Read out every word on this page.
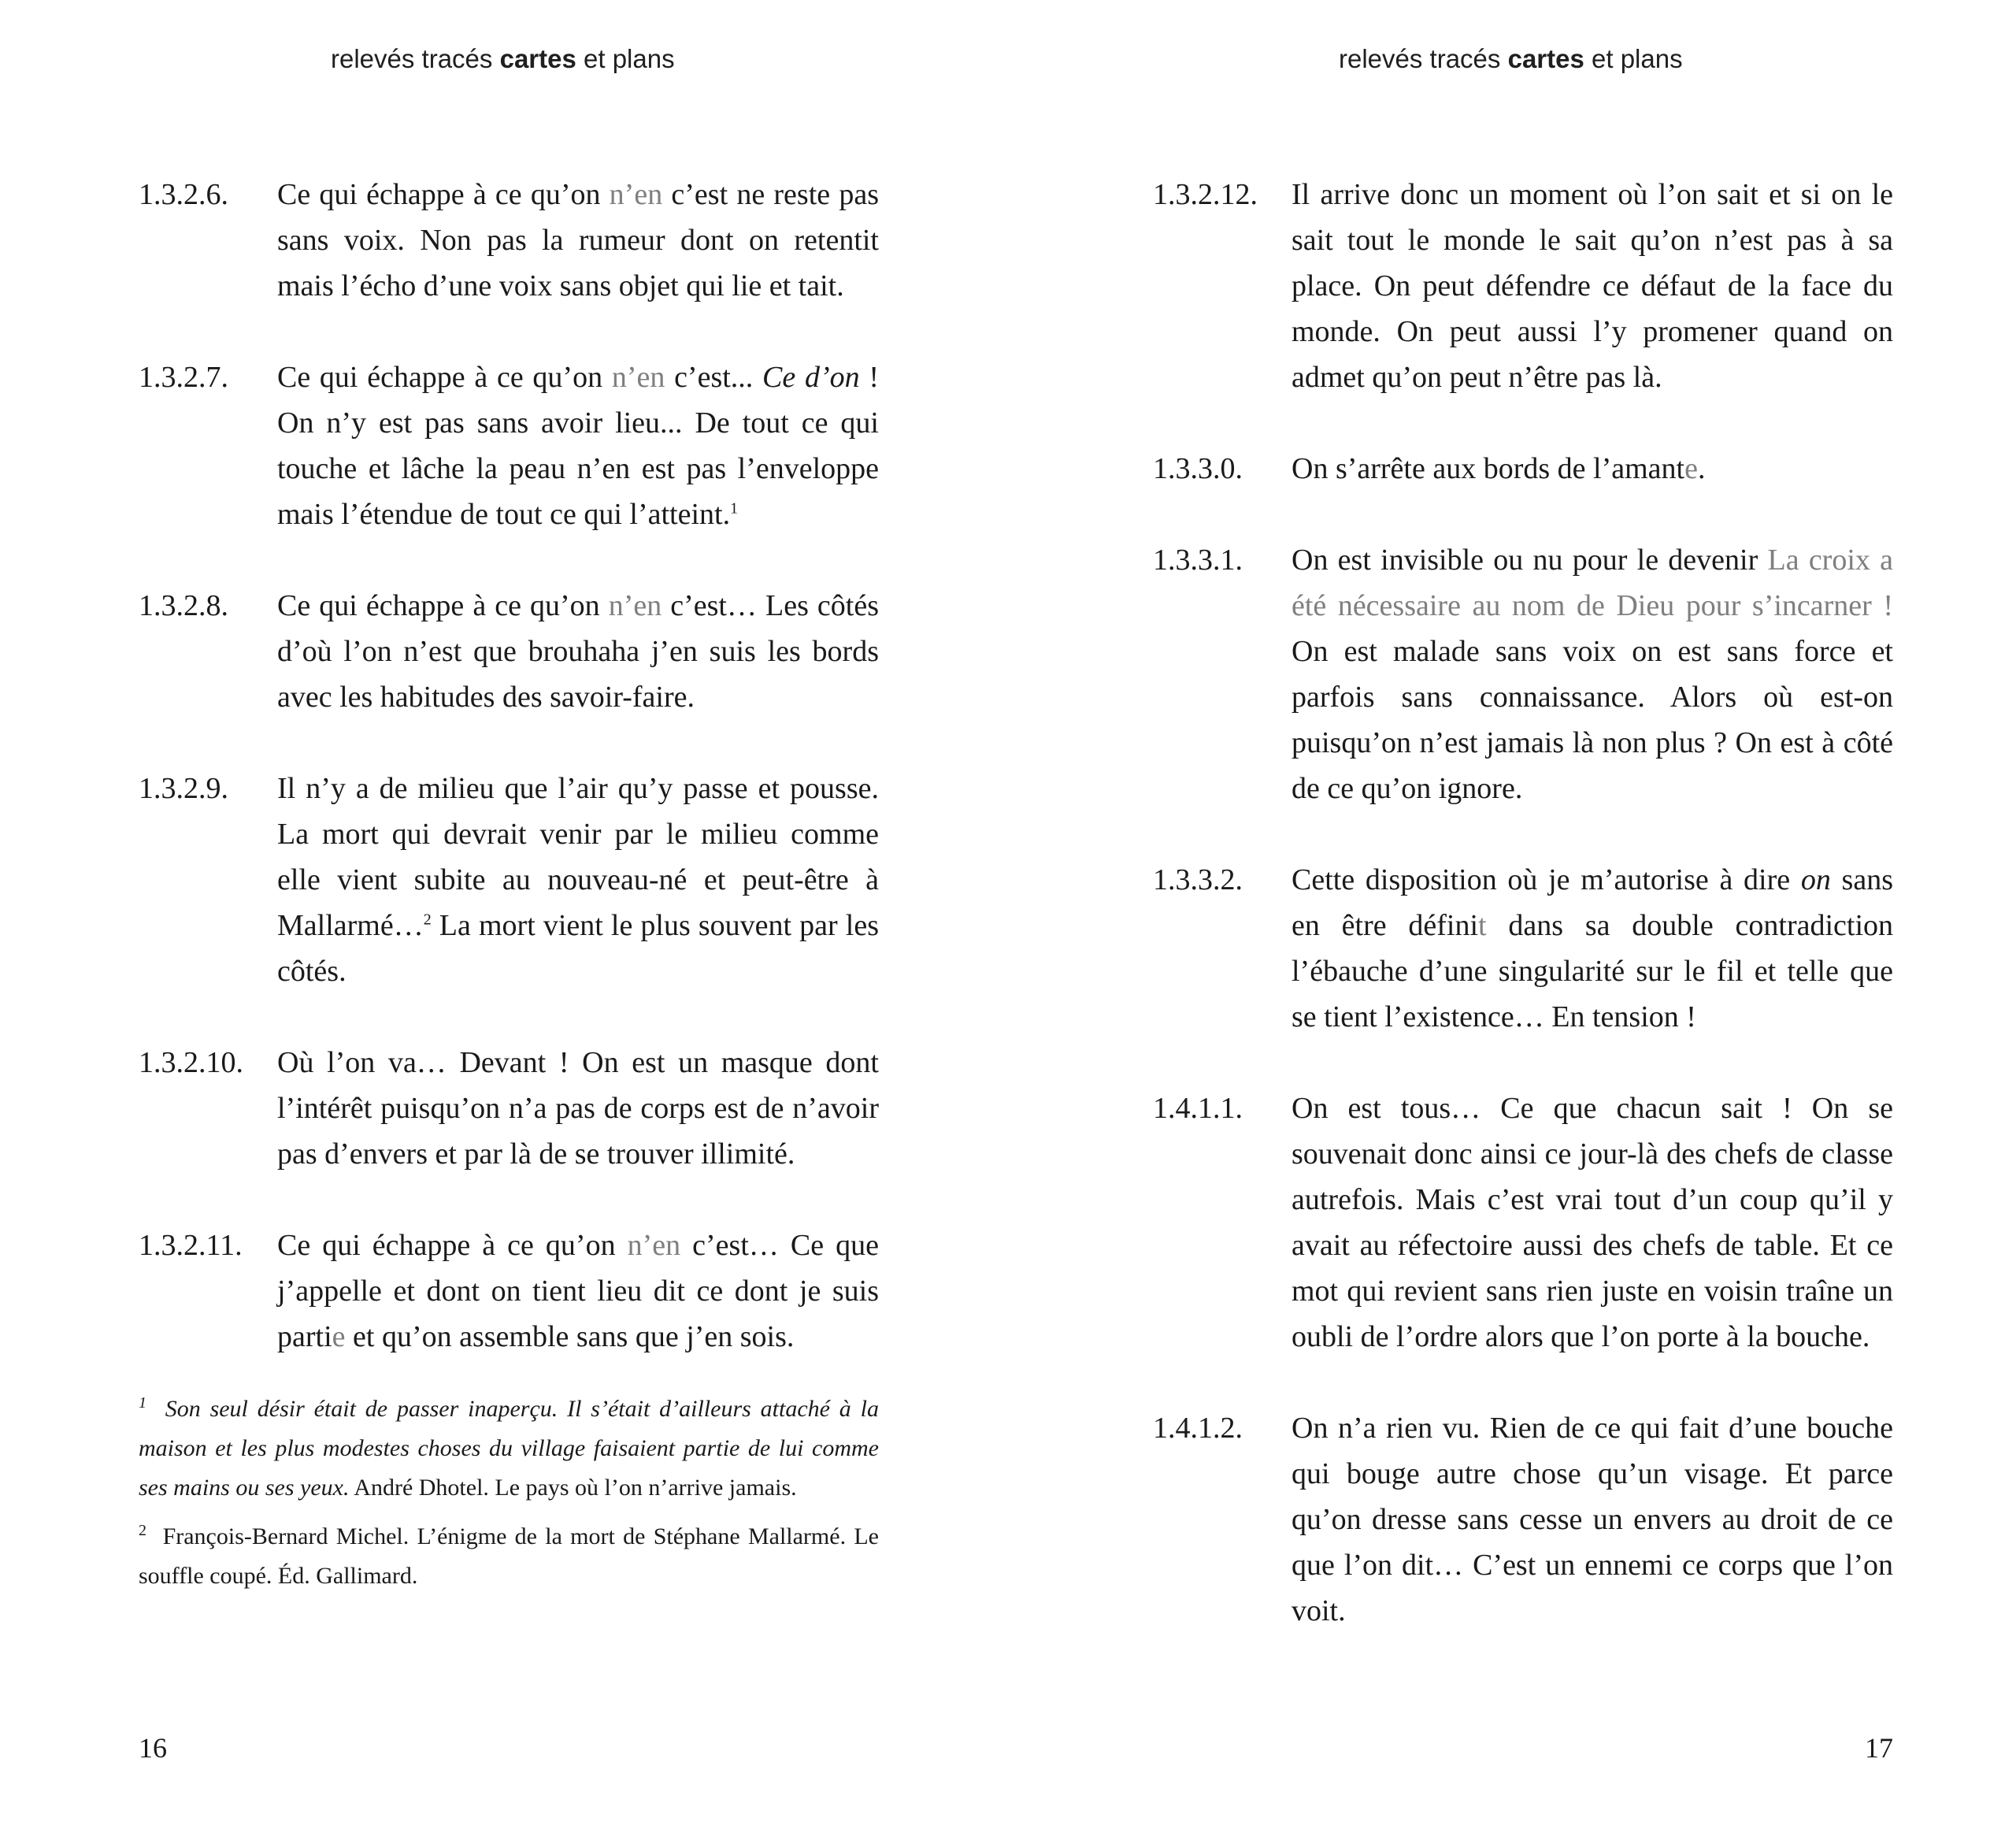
relevés tracés cartes et plans
1.3.2.6.	Ce qui échappe à ce qu’on n’en c’est ne reste pas sans voix. Non pas la rumeur dont on retentit mais l’écho d’une voix sans objet qui lie et tait.
1.3.2.7.	Ce qui échappe à ce qu’on n’en c’est... Ce d’on ! On n’y est pas sans avoir lieu... De tout ce qui touche et lâche la peau n’en est pas l’enveloppe mais l’étendue de tout ce qui l’atteint.$^1$
1.3.2.8.	Ce qui échappe à ce qu’on n’en c’est… Les côtés d’où l’on n’est que brouhaha j’en suis les bords avec les habitudes des savoir-faire.
1.3.2.9.	Il n’y a de milieu que l’air qu’y passe et pousse. La mort qui devrait venir par le milieu comme elle vient subite au nouveau-né et peut-être à Mallarmé…$^2$ La mort vient le plus souvent par les côtés.
1.3.2.10.	Où l’on va… Devant ! On est un masque dont l’intérêt puisqu’on n’a pas de corps est de n’avoir pas d’envers et par là de se trouver illimité.
1.3.2.11.	Ce qui échappe à ce qu’on n’en c’est… Ce que j’appelle et dont on tient lieu dit ce dont je suis partie et qu’on assemble sans que j’en sois.
$^1$ Son seul désir était de passer inaperçu. Il s’était d’ailleurs attaché à la maison et les plus modestes choses du village faisaient partie de lui comme ses mains ou ses yeux. André Dhotel. Le pays où l’on n’arrive jamais.
$^2$ François-Bernard Michel. L’énigme de la mort de Stéphane Mallarmé. Le souffle coupé. Éd. Gallimard.
16
relevés tracés cartes et plans
1.3.2.12.	Il arrive donc un moment où l’on sait et si on le sait tout le monde le sait qu’on n’est pas à sa place. On peut défendre ce défaut de la face du monde. On peut aussi l’y promener quand on admet qu’on peut n’être pas là.
1.3.3.0.	On s’arrête aux bords de l’amante.
1.3.3.1.	On est invisible ou nu pour le devenir La croix a été nécessaire au nom de Dieu pour s’incarner ! On est malade sans voix on est sans force et parfois sans connaissance. Alors où est-on puisqu’on n’est jamais là non plus ? On est à côté de ce qu’on ignore.
1.3.3.2.	Cette disposition où je m’autorise à dire on sans en être définit dans sa double contradiction l’ébauche d’une singularité sur le fil et telle que se tient l’existence… En tension !
1.4.1.1.	On est tous… Ce que chacun sait ! On se souvenait donc ainsi ce jour-là des chefs de classe autrefois. Mais c’est vrai tout d’un coup qu’il y avait au réfectoire aussi des chefs de table. Et ce mot qui revient sans rien juste en voisin traîne un oubli de l’ordre alors que l’on porte à la bouche.
1.4.1.2.	On n’a rien vu. Rien de ce qui fait d’une bouche qui bouge autre chose qu’un visage. Et parce qu’on dresse sans cesse un envers au droit de ce que l’on dit… C’est un ennemi ce corps que l’on voit.
17
